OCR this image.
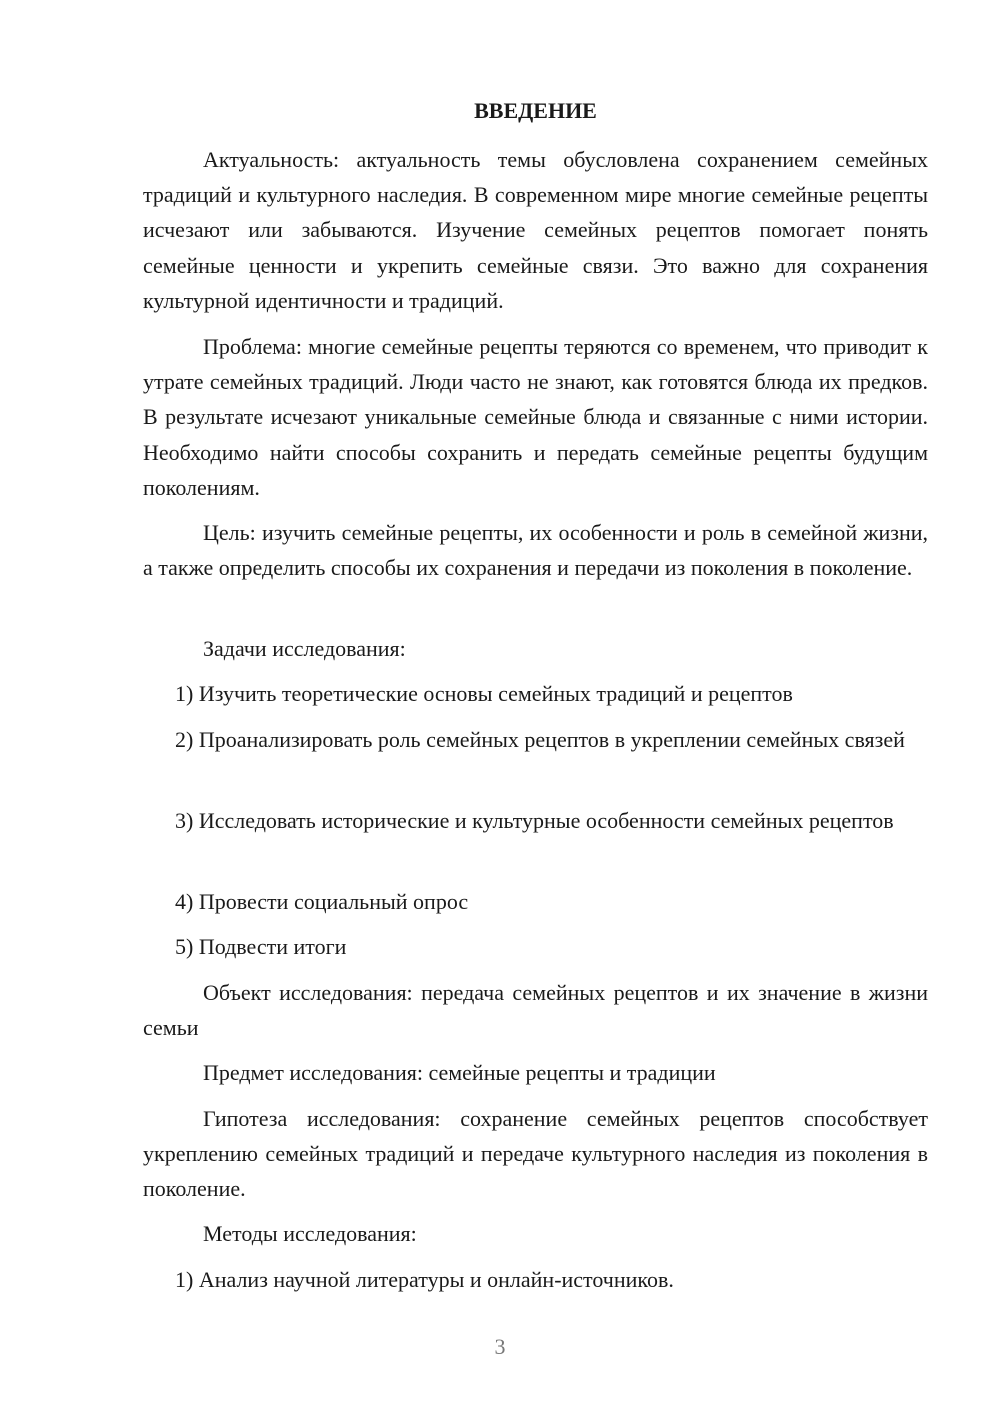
ВВЕДЕНИЕ

Актуальность: актуальность темы обусловлена сохранением семейных традиций и культурного наследия. В современном мире многие семейные рецепты исчезают или забываются. Изучение семейных рецептов помогает понять семейные ценности и укрепить семейные связи. Это важно для сохранения культурной идентичности и традиций.

Проблема: многие семейные рецепты теряются со временем, что приводит к утрате семейных традиций. Люди часто не знают, как готовятся блюда их предков. В результате исчезают уникальные семейные блюда и связанные с ними истории. Необходимо найти способы сохранить и передать семейные рецепты будущим поколениям.

Цель: изучить семейные рецепты, их особенности и роль в семейной жизни, а также определить способы их сохранения и передачи из поколения в поколение.

Задачи исследования:

1) Изучить теоретические основы семейных традиций и рецептов

2) Проанализировать роль семейных рецептов в укреплении семейных связей

3) Исследовать исторические и культурные особенности семейных рецептов

4) Провести социальный опрос

5) Подвести итоги

Объект исследования: передача семейных рецептов и их значение в жизни семьи

Предмет исследования: семейные рецепты и традиции

Гипотеза исследования: сохранение семейных рецептов способствует укреплению семейных традиций и передаче культурного наследия из поколения в поколение.

Методы исследования:

1) Анализ научной литературы и онлайн-источников.

3
